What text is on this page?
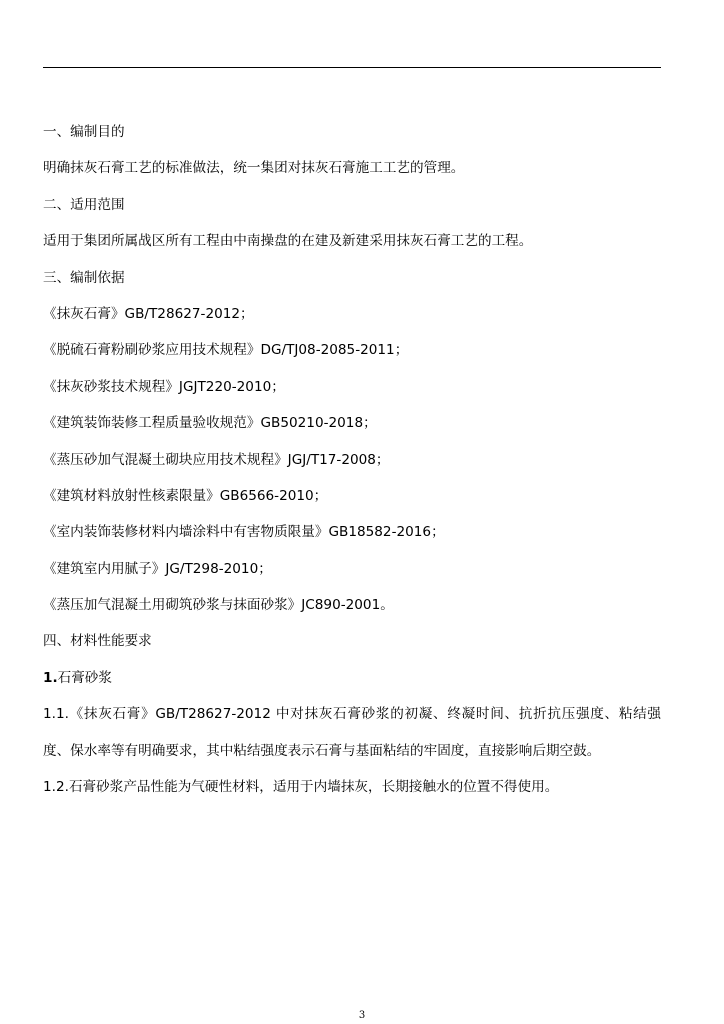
一、编制目的
明确抹灰石膏工艺的标准做法，统一集团对抹灰石膏施工工艺的管理。
二、适用范围
适用于集团所属战区所有工程由中南操盘的在建及新建采用抹灰石膏工艺的工程。
三、编制依据
《抹灰石膏》GB/T28627-2012；
《脱硫石膏粉刷砂浆应用技术规程》DG/TJ08-2085-2011；
《抹灰砂浆技术规程》JGJT220-2010；
《建筑装饰装修工程质量验收规范》GB50210-2018；
《蒸压砂加气混凝土砌块应用技术规程》JGJ/T17-2008；
《建筑材料放射性核素限量》GB6566-2010；
《室内装饰装修材料内墙涂料中有害物质限量》GB18582-2016；
《建筑室内用腻子》JG/T298-2010；
《蒸压加气混凝土用砌筑砂浆与抹面砂浆》JC890-2001。
四、材料性能要求
1.石膏砂浆
1.1.《抹灰石膏》GB/T28627-2012 中对抹灰石膏砂浆的初凝、终凝时间、抗折抗压强度、粘结强度、保水率等有明确要求，其中粘结强度表示石膏与基面粘结的牢固度，直接影响后期空鼓。
1.2.石膏砂浆产品性能为气硬性材料，适用于内墙抹灰，长期接触水的位置不得使用。
3
